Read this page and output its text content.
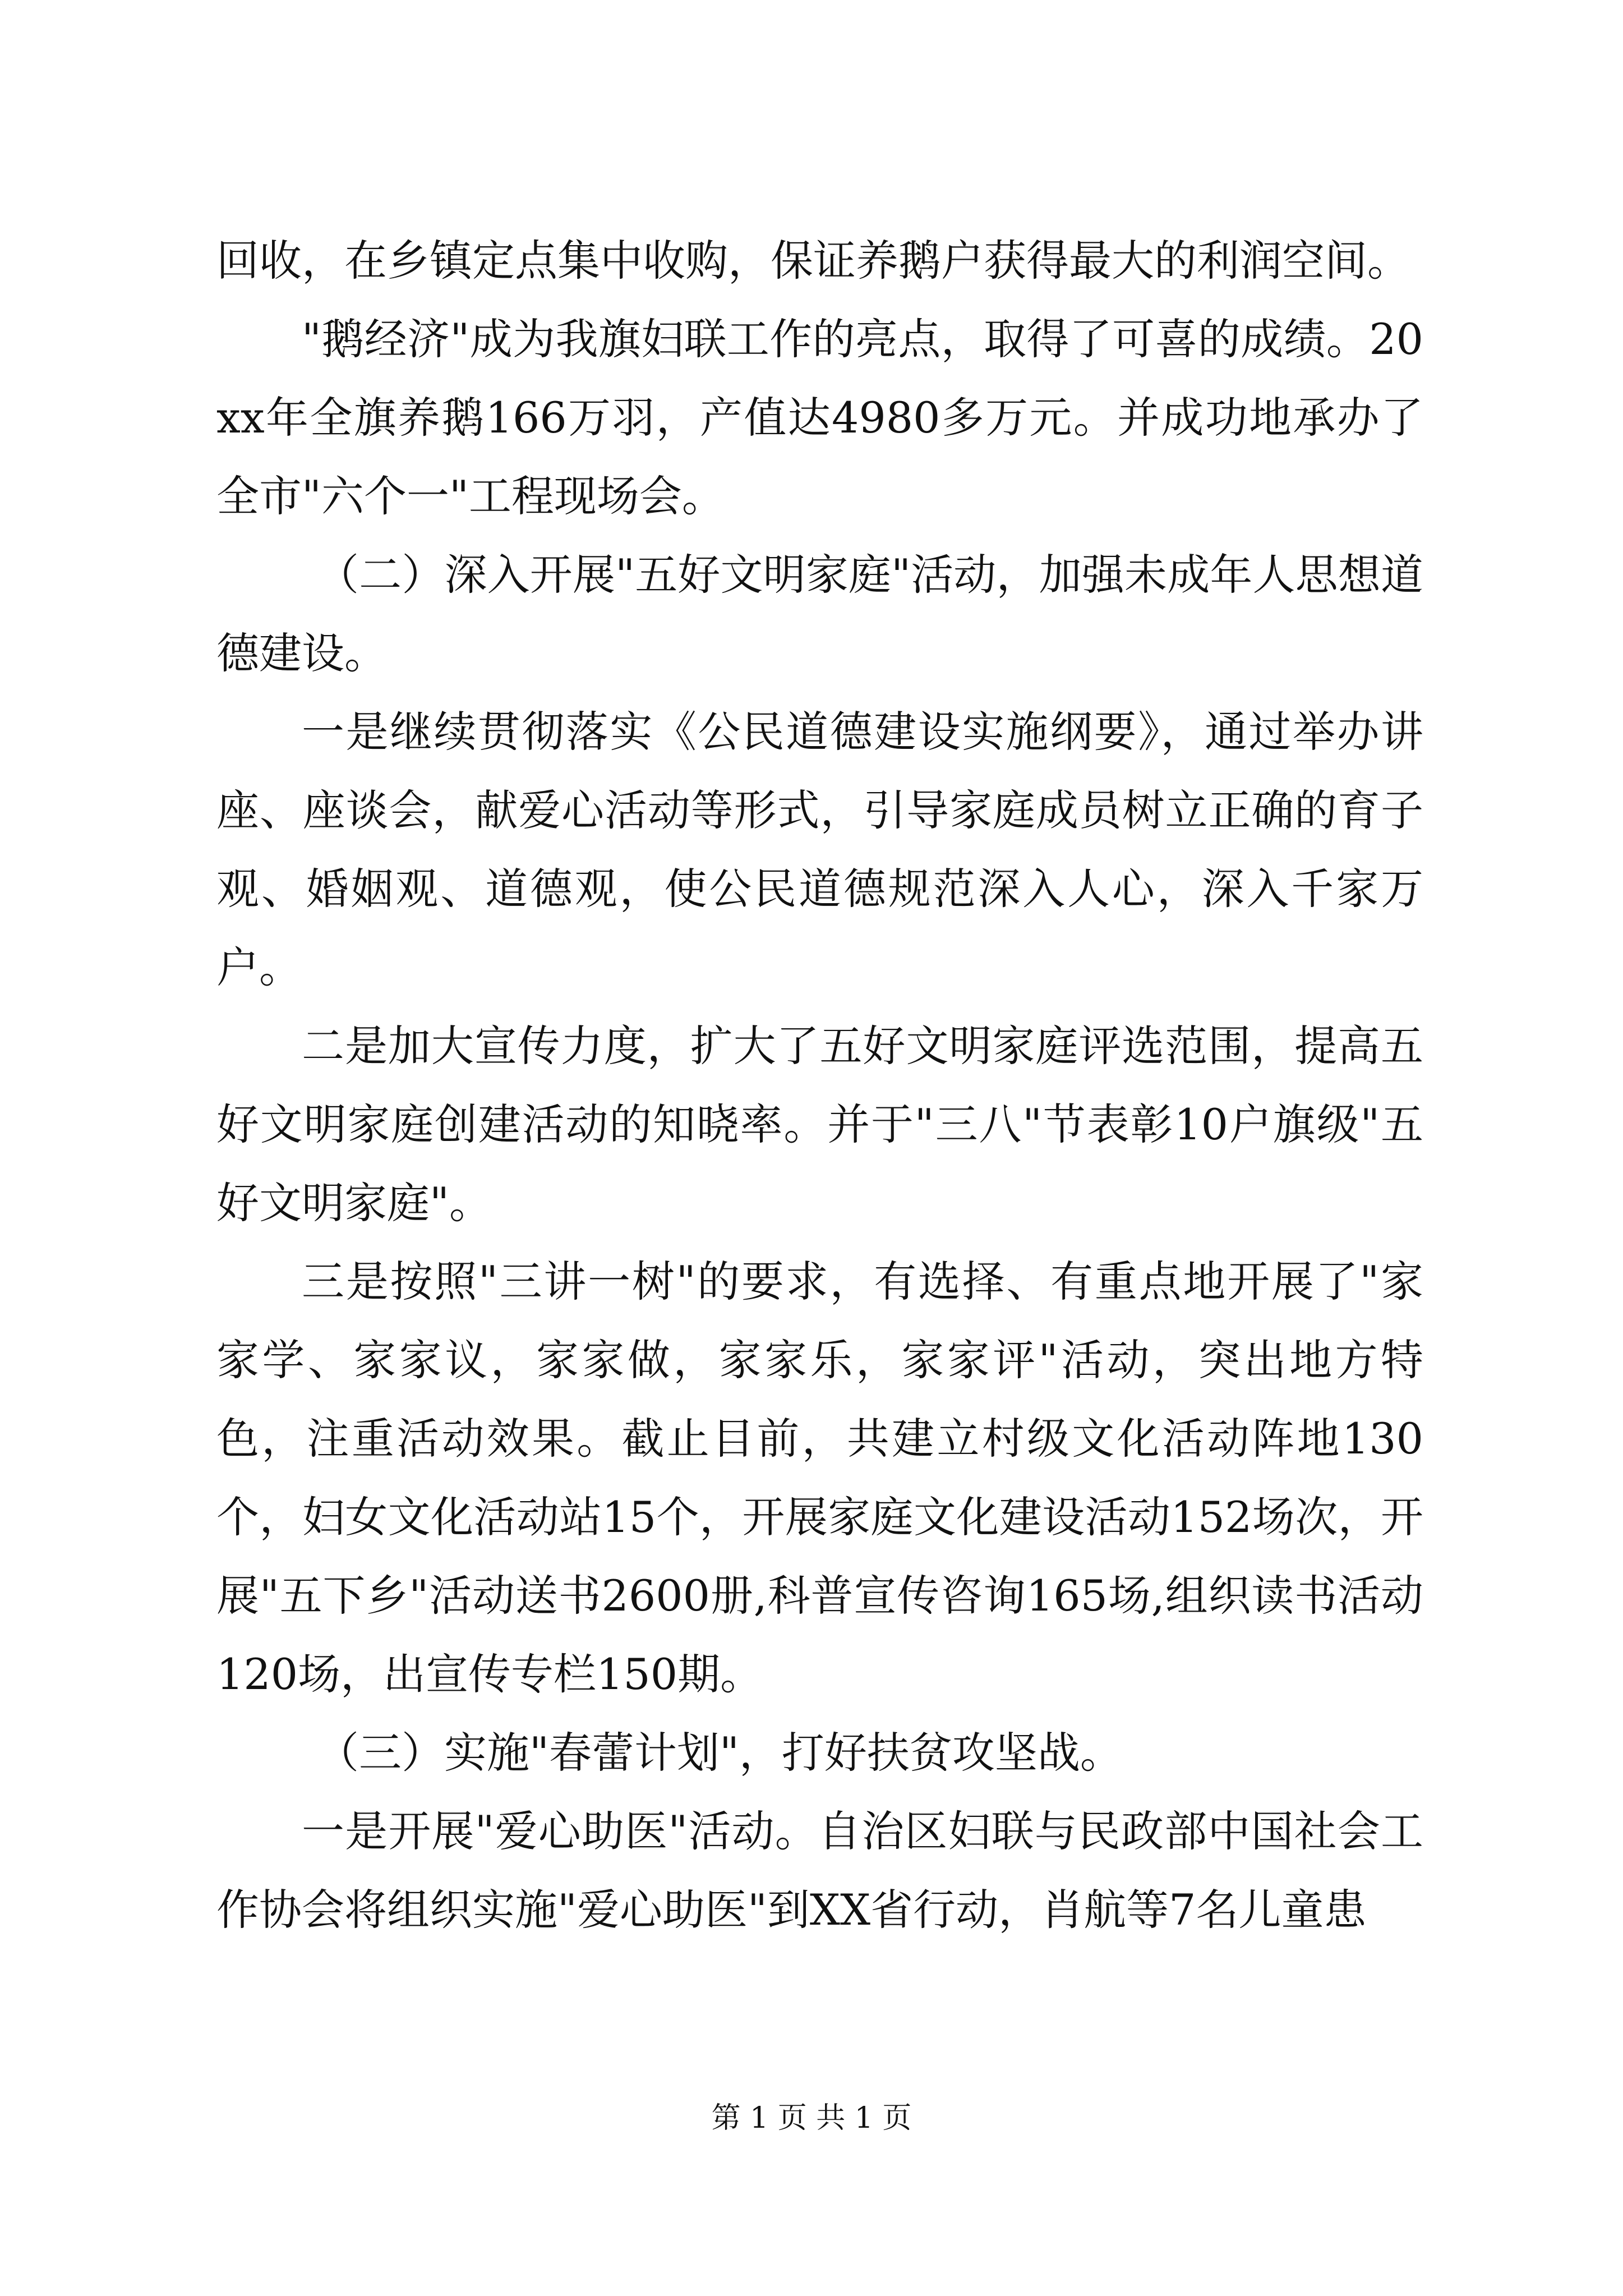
回收，在乡镇定点集中收购，保证养鹅户获得最大的利润空间。

"鹅经济"成为我旗妇联工作的亮点，取得了可喜的成绩。20xx年全旗养鹅166万羽，产值达4980多万元。并成功地承办了全市"六个一"工程现场会。

（二）深入开展"五好文明家庭"活动，加强未成年人思想道德建设。

一是继续贯彻落实《公民道德建设实施纲要》，通过举办讲座、座谈会，献爱心活动等形式，引导家庭成员树立正确的育子观、婚姻观、道德观，使公民道德规范深入人心，深入千家万户。

二是加大宣传力度，扩大了五好文明家庭评选范围，提高五好文明家庭创建活动的知晓率。并于"三八"节表彰10户旗级"五好文明家庭"。

三是按照"三讲一树"的要求，有选择、有重点地开展了"家家学、家家议，家家做，家家乐，家家评"活动，突出地方特色，注重活动效果。截止目前，共建立村级文化活动阵地130个，妇女文化活动站15个，开展家庭文化建设活动152场次，开展"五下乡"活动送书2600册,科普宣传咨询165场,组织读书活动120场，出宣传专栏150期。

（三）实施"春蕾计划"，打好扶贫攻坚战。

一是开展"爱心助医"活动。自治区妇联与民政部中国社会工作协会将组织实施"爱心助医"到XX省行动，肖航等7名儿童患

第 1 页 共 1 页
